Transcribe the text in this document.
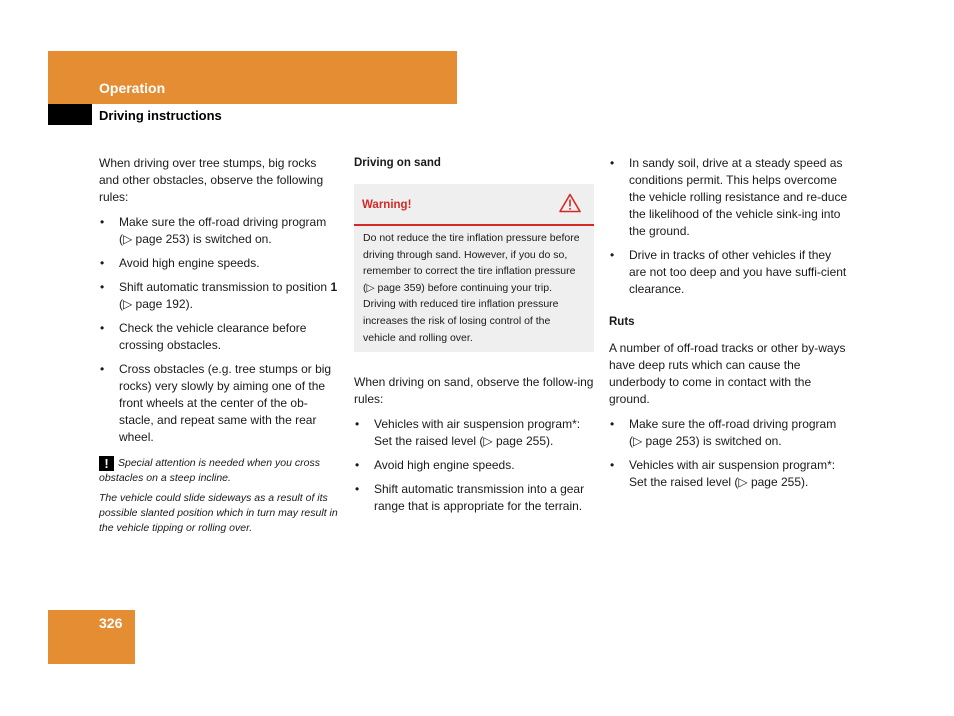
Operation
Driving instructions

When driving over tree stumps, big rocks and other obstacles, observe the following rules:

• Make sure the off-road driving program (▷ page 253) is switched on.
• Avoid high engine speeds.
• Shift automatic transmission to position 1 (▷ page 192).
• Check the vehicle clearance before crossing obstacles.
• Cross obstacles (e.g. tree stumps or big rocks) very slowly by aiming one of the front wheels at the center of the ob-stacle, and repeat same with the rear wheel.

! Special attention is needed when you cross obstacles on a steep incline.

The vehicle could slide sideways as a result of its possible slanted position which in turn may result in the vehicle tipping or rolling over.

Driving on sand

Warning!
Do not reduce the tire inflation pressure before driving through sand. However, if you do so, remember to correct the tire inflation pressure (▷ page 359) before continuing your trip. Driving with reduced tire inflation pressure increases the risk of losing control of the vehicle and rolling over.

When driving on sand, observe the follow-ing rules:

• Vehicles with air suspension program*: Set the raised level (▷ page 255).
• Avoid high engine speeds.
• Shift automatic transmission into a gear range that is appropriate for the terrain.
• In sandy soil, drive at a steady speed as conditions permit. This helps overcome the vehicle rolling resistance and re-duce the likelihood of the vehicle sink-ing into the ground.
• Drive in tracks of other vehicles if they are not too deep and you have suffi-cient clearance.

Ruts

A number of off-road tracks or other by-ways have deep ruts which can cause the underbody to come in contact with the ground.

• Make sure the off-road driving program (▷ page 253) is switched on.
• Vehicles with air suspension program*: Set the raised level (▷ page 255).
326
